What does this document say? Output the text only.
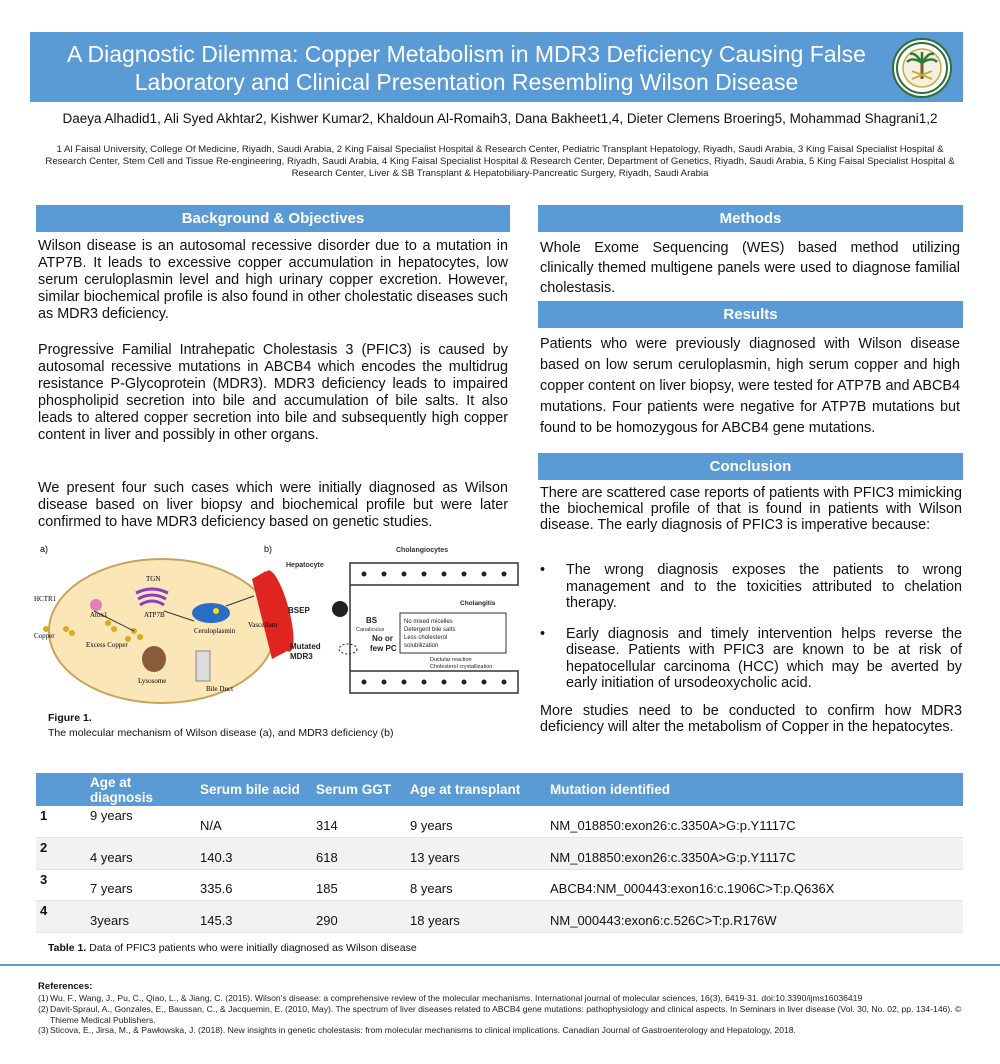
A Diagnostic Dilemma: Copper Metabolism in MDR3 Deficiency Causing False
Laboratory and Clinical Presentation Resembling Wilson Disease
Daeya Alhadid1, Ali Syed Akhtar2, Kishwer Kumar2, Khaldoun Al-Romaih3, Dana Bakheet1,4, Dieter Clemens Broering5, Mohammad Shagrani1,2
1 Al Faisal University, College Of Medicine, Riyadh, Saudi Arabia, 2 King Faisal Specialist Hospital & Research Center, Pediatric Transplant Hepatology, Riyadh, Saudi Arabia, 3 King Faisal Specialist Hospital & Research Center, Stem Cell and Tissue Re-engineering, Riyadh, Saudi Arabia, 4 King Faisal Specialist Hospital & Research Center, Department of Genetics, Riyadh, Saudi Arabia, 5 King Faisal Specialist Hospital & Research Center, Liver & SB Transplant & Hepatobiliary-Pancreatic Surgery, Riyadh, Saudi Arabia
Background & Objectives
Wilson disease is an autosomal recessive disorder due to a mutation in ATP7B. It leads to excessive copper accumulation in hepatocytes, low serum ceruloplasmin level and high urinary copper excretion. However, similar biochemical profile is also found in other cholestatic diseases such as MDR3 deficiency.
Progressive Familial Intrahepatic Cholestasis 3 (PFIC3) is caused by autosomal recessive mutations in ABCB4 which encodes the multidrug resistance P-Glycoprotein (MDR3). MDR3 deficiency leads to impaired phospholipid secretion into bile and accumulation of bile salts. It also leads to altered copper secretion into bile and subsequently high copper content in liver and possibly in other organs.
We present four such cases which were initially diagnosed as Wilson disease based on liver biopsy and biochemical profile but were later confirmed to have MDR3 deficiency based on genetic studies.
a)
HCTR1
Copper
TGN
Atox1	ATP7B
Ceruloplasmin
Excess Copper
Lysosome
Bile Duct
Vascellum
b)	Cholangiocytes
Hepatocyte
BSEP
BS
Canaliculus
No or
few PC
Mutated
MDR3
Cholangitis
No mixed micelles
Detergent bile salts
Less cholesterol
solubilization
Ductular reaction
Cholesterol crystallization
Figure 1.
The molecular mechanism of Wilson disease (a), and MDR3 deficiency (b)
Methods
Whole Exome Sequencing (WES) based method utilizing clinically themed multigene panels were used to diagnose familial cholestasis.
Results
Patients who were previously diagnosed with Wilson disease based on low serum ceruloplasmin, high serum copper and high copper content on liver biopsy, were tested for ATP7B and ABCB4 mutations. Four patients were negative for ATP7B mutations but found to be homozygous for ABCB4 gene mutations.
Conclusion
There are scattered case reports of patients with PFIC3 mimicking the biochemical profile of that is found in patients with Wilson disease. The early diagnosis of PFIC3 is imperative because:
• The wrong diagnosis exposes the patients to wrong management and to the toxicities attributed to chelation therapy.
• Early diagnosis and timely intervention helps reverse the disease. Patients with PFIC3 are known to be at risk of hepatocellular carcinoma (HCC) which may be averted by early initiation of ursodeoxycholic acid.
More studies need to be conducted to confirm how MDR3 deficiency will alter the metabolism of Copper in the hepatocytes.
	Age at diagnosis	Serum bile acid	Serum GGT	Age at transplant	Mutation identified
1	9 years	N/A	314	9 years	NM_018850:exon26:c.3350A>G:p.Y1117C
2	4 years	140.3	618	13 years	NM_018850:exon26:c.3350A>G:p.Y1117C
3	7 years	335.6	185	8 years	ABCB4:NM_000443:exon16:c.1906C>T:p.Q636X
4	3years	145.3	290	18 years	NM_000443:exon6:c.526C>T:p.R176W
Table 1. Data of PFIC3 patients who were initially diagnosed as Wilson disease
References:
(1) Wu, F., Wang, J., Pu, C., Qiao, L., & Jiang, C. (2015). Wilson's disease: a comprehensive review of the molecular mechanisms. International journal of molecular sciences, 16(3), 6419-31. doi:10.3390/ijms16036419
(2) Davit-Spraul, A., Gonzales, E., Baussan, C., & Jacquemin, E. (2010, May). The spectrum of liver diseases related to ABCB4 gene mutations: pathophysiology and clinical aspects. In Seminars in liver disease (Vol. 30, No. 02, pp. 134-146). © Thieme Medical Publishers.
(3) Sticova, E., Jirsa, M., & Pawłowska, J. (2018). New insights in genetic cholestasis: from molecular mechanisms to clinical implications. Canadian Journal of Gastroenterology and Hepatology, 2018.
